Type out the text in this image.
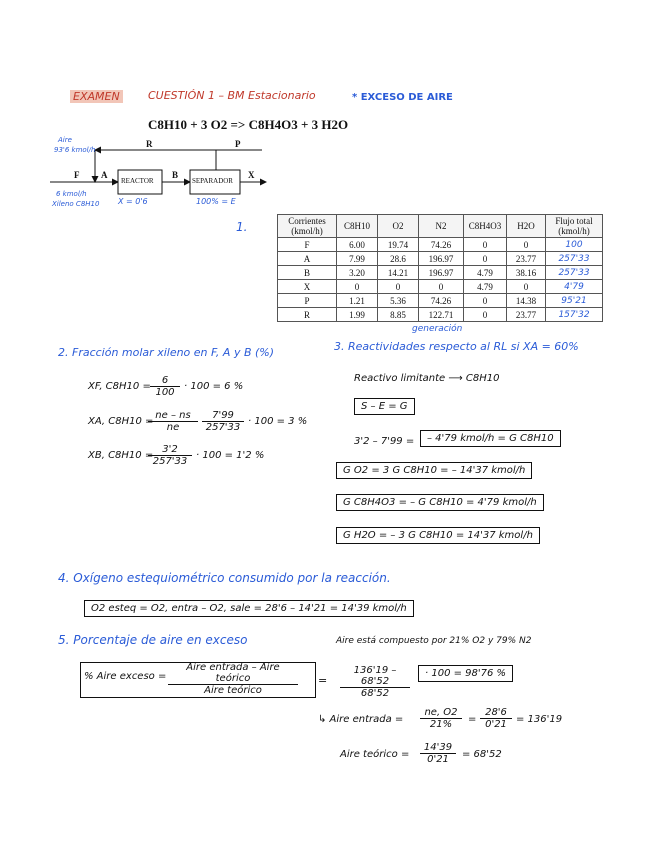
EXAMEN	CUESTIÓN 1 – BM Estacionario	* EXCESO DE AIRE
C8H10 + 3 O2 => C8H4O3 + 3 H2O
R	P
F A	B	X
REACTOR	SEPARADOR
Aire
93'6 kmol/h
6 kmol/h
Xileno C8H10 X = 0'6	100% = E
1.	Corrientes (kmol/h)	C8H10	O2	N2	C8H4O3	H2O	Flujo total (kmol/h)
F	6.00	19.74	74.26	0	0	100
A	7.99	28.6	196.97	0	23.77	257'33
B	3.20	14.21	196.97	4.79	38.16	257'33
X	0	0	0	4.79	0	4'79
P	1.21	5.36	74.26	0	14.38	95'21
R	1.99	8.85	122.71	0	23.77	157'32
2. Fracción molar xileno en F, A y B (%)
XF, $C8H10 = \frac{6}{100} \cdot 100 = 6$ %
XA, C8H10 =
$\frac{ne - ns}{ne} \frac{7'99}{257'33} \cdot 100 = 3$ %
XB, C8H10 =
$\frac{3'2}{257'33} \cdot 100 = 1'2$ %
generación
3. Reactividades respecto al RL si XA = 60%
Reactivo limitante ⟶ C8H10
S – E = G
3'2 – 7'99 =	– 4'79 kmol/h = G C8H10
G O2 = 3 G C8H10 = – 14'37 kmol/h
G C8H4O3 = – G C8H10 = 4'79 kmol/h
G H2O = – 3 G C8H10 = 14'37 kmol/h
4. Oxígeno estequiométrico consumido por la reacción.
O2 esteq = O2, entra – O2, sale = 28'6 – 14'21 = 14'39 kmol/h
5. Porcentaje de aire en exceso	Aire está compuesto por 21% O2 y 79% N2
% Aire exceso =
Aire entrada – Aire teórico
Aire teórico
= $\frac{136'19 - 68'52}{68'52}$	· 100 = 98'76 %
↳ Aire entrada = $\frac{ne, O2}{21\%} = \frac{28'6}{0'21} = 136'19$
Aire teórico = $\frac{14'39}{0'21} = 68'52$
